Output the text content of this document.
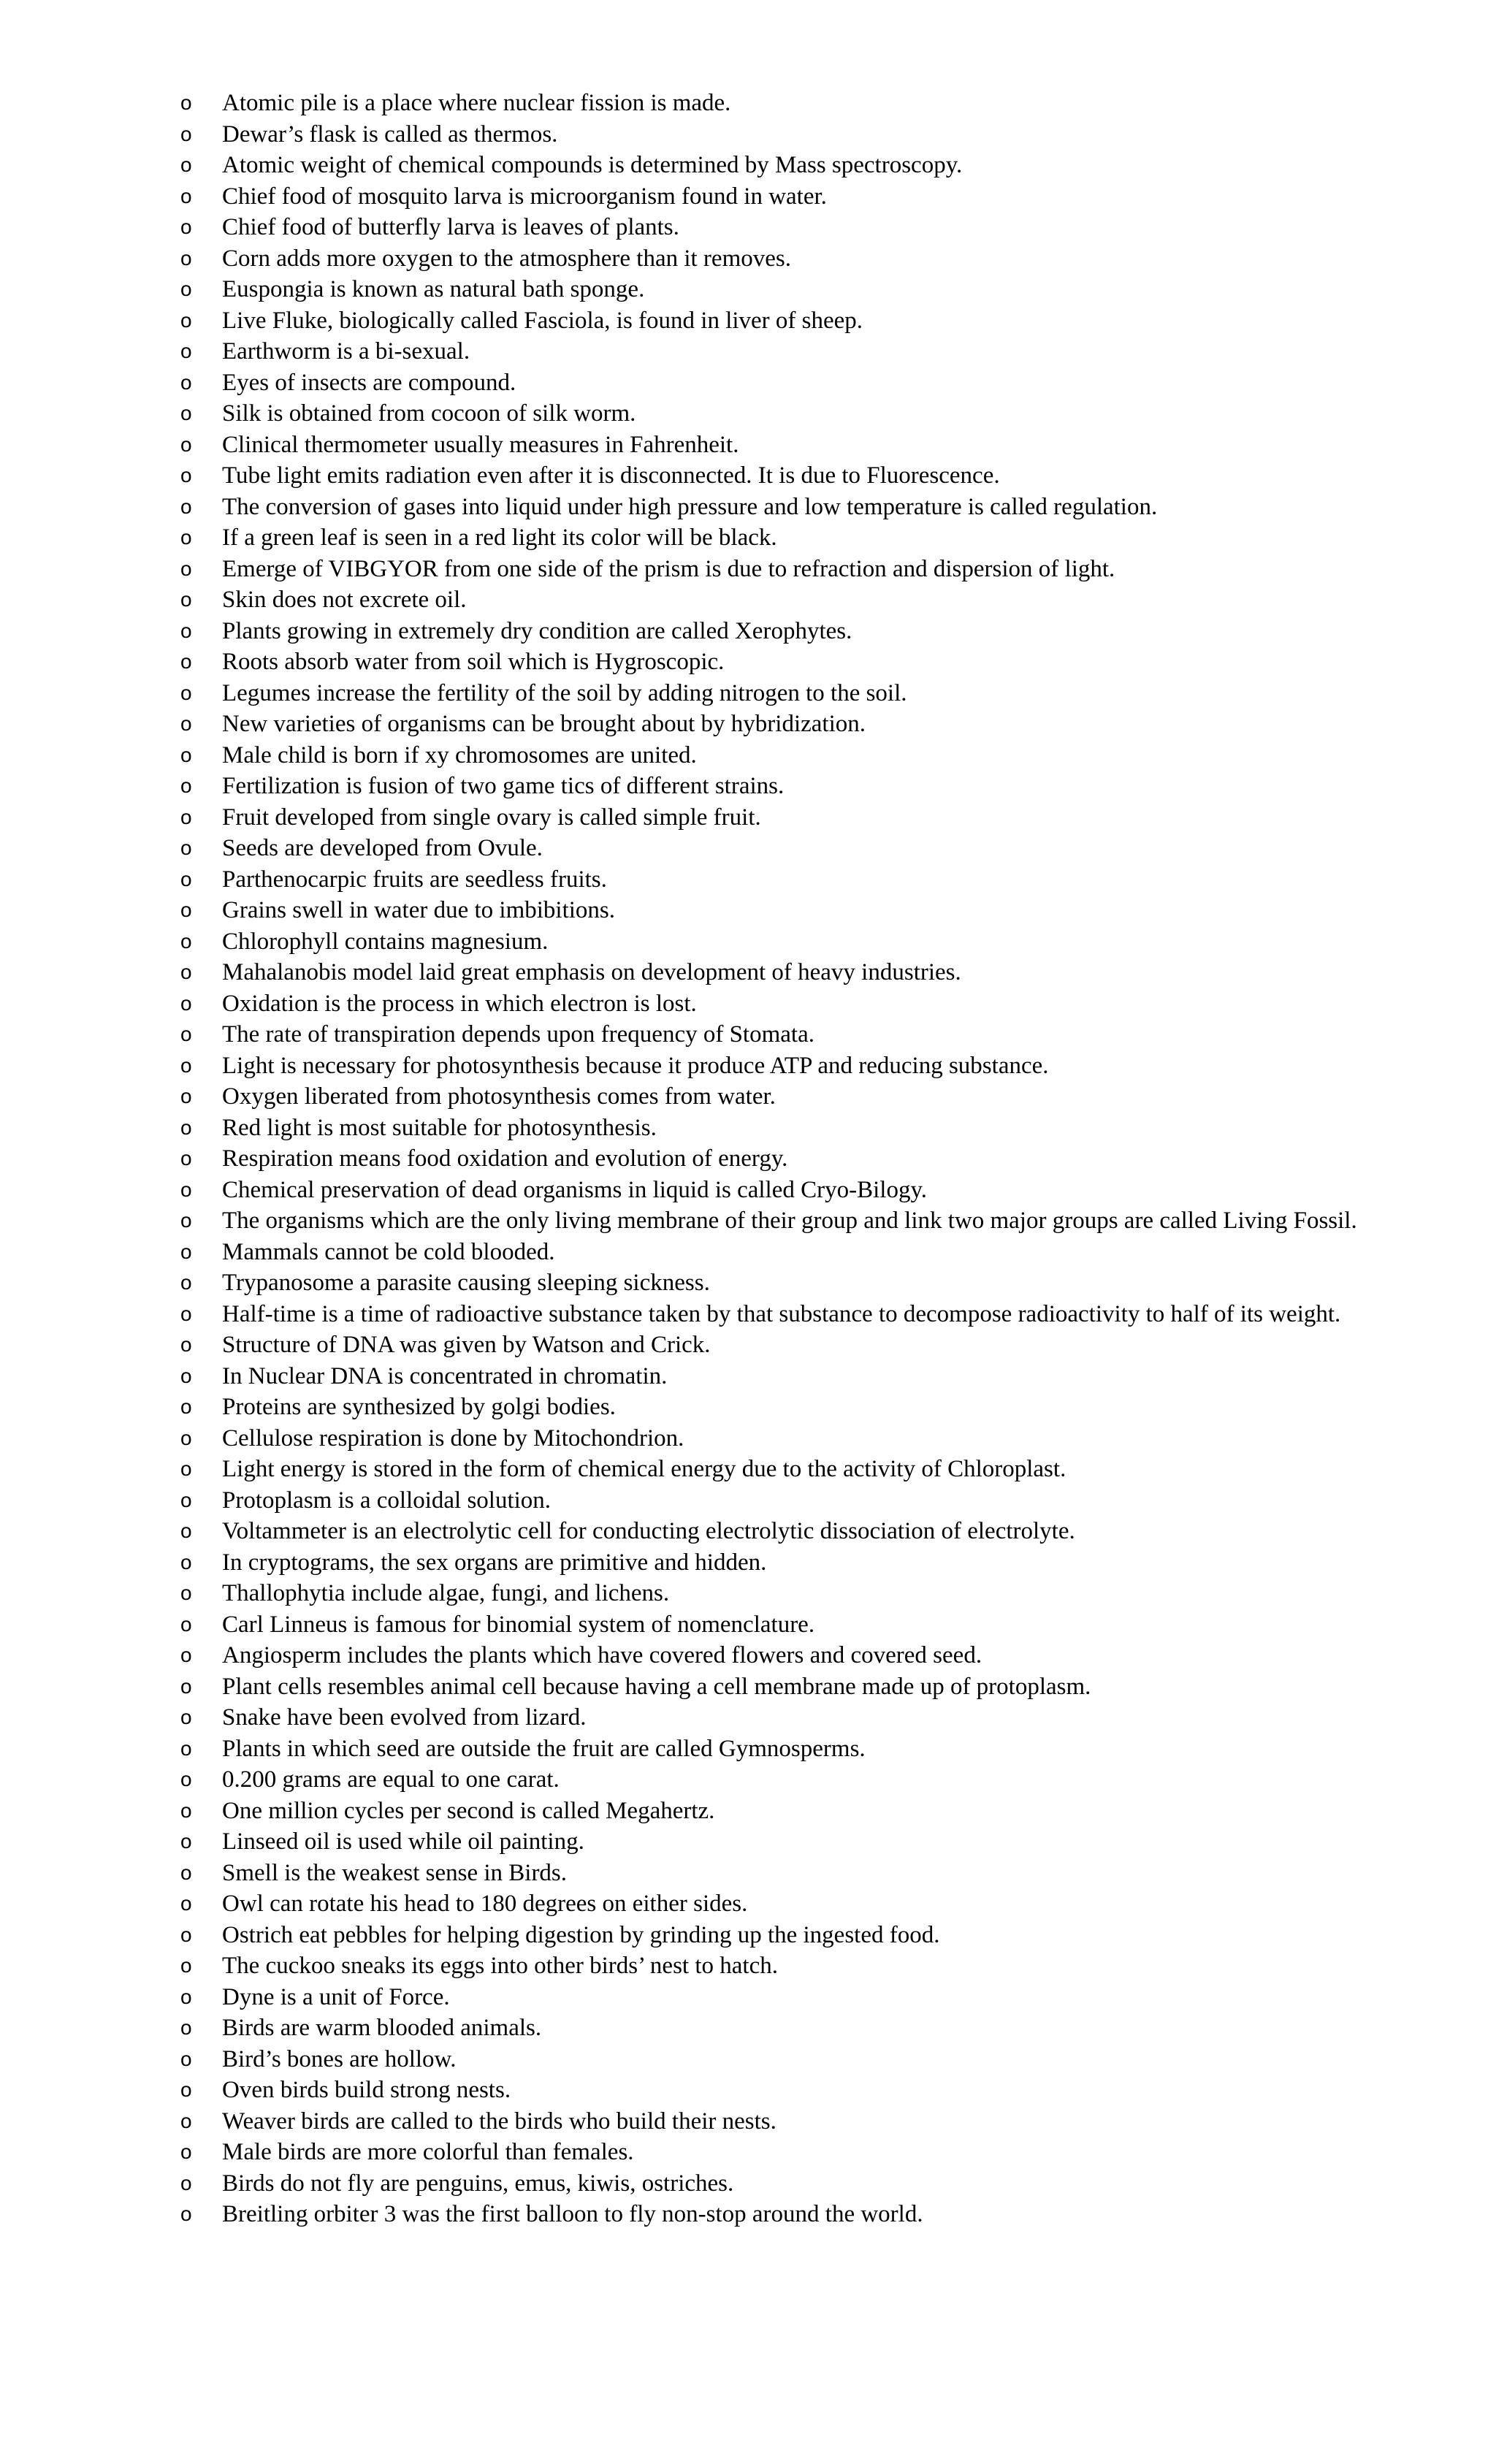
o Atomic pile is a place where nuclear fission is made.
o Dewar’s flask is called as thermos.
o Atomic weight of chemical compounds is determined by Mass spectroscopy.
o Chief food of mosquito larva is microorganism found in water.
o Chief food of butterfly larva is leaves of plants.
o Corn adds more oxygen to the atmosphere than it removes.
o Euspongia is known as natural bath sponge.
o Live Fluke, biologically called Fasciola, is found in liver of sheep.
o Earthworm is a bi-sexual.
o Eyes of insects are compound.
o Silk is obtained from cocoon of silk worm.
o Clinical thermometer usually measures in Fahrenheit.
o Tube light emits radiation even after it is disconnected. It is due to Fluorescence.
o The conversion of gases into liquid under high pressure and low temperature is called regulation.
o If a green leaf is seen in a red light its color will be black.
o Emerge of VIBGYOR from one side of the prism is due to refraction and dispersion of light.
o Skin does not excrete oil.
o Plants growing in extremely dry condition are called Xerophytes.
o Roots absorb water from soil which is Hygroscopic.
o Legumes increase the fertility of the soil by adding nitrogen to the soil.
o New varieties of organisms can be brought about by hybridization.
o Male child is born if xy chromosomes are united.
o Fertilization is fusion of two game tics of different strains.
o Fruit developed from single ovary is called simple fruit.
o Seeds are developed from Ovule.
o Parthenocarpic fruits are seedless fruits.
o Grains swell in water due to imbibitions.
o Chlorophyll contains magnesium.
o Mahalanobis model laid great emphasis on development of heavy industries.
o Oxidation is the process in which electron is lost.
o The rate of transpiration depends upon frequency of Stomata.
o Light is necessary for photosynthesis because it produce ATP and reducing substance.
o Oxygen liberated from photosynthesis comes from water.
o Red light is most suitable for photosynthesis.
o Respiration means food oxidation and evolution of energy.
o Chemical preservation of dead organisms in liquid is called Cryo-Bilogy.
o The organisms which are the only living membrane of their group and link two major groups are called Living Fossil.
o Mammals cannot be cold blooded.
o Trypanosome a parasite causing sleeping sickness.
o Half-time is a time of radioactive substance taken by that substance to decompose radioactivity to half of its weight.
o Structure of DNA was given by Watson and Crick.
o In Nuclear DNA is concentrated in chromatin.
o Proteins are synthesized by golgi bodies.
o Cellulose respiration is done by Mitochondrion.
o Light energy is stored in the form of chemical energy due to the activity of Chloroplast.
o Protoplasm is a colloidal solution.
o Voltammeter is an electrolytic cell for conducting electrolytic dissociation of electrolyte.
o In cryptograms, the sex organs are primitive and hidden.
o Thallophytia include algae, fungi, and lichens.
o Carl Linneus is famous for binomial system of nomenclature.
o Angiosperm includes the plants which have covered flowers and covered seed.
o Plant cells resembles animal cell because having a cell membrane made up of protoplasm.
o Snake have been evolved from lizard.
o Plants in which seed are outside the fruit are called Gymnosperms.
o 0.200 grams are equal to one carat.
o One million cycles per second is called Megahertz.
o Linseed oil is used while oil painting.
o Smell is the weakest sense in Birds.
o Owl can rotate his head to 180 degrees on either sides.
o Ostrich eat pebbles for helping digestion by grinding up the ingested food.
o The cuckoo sneaks its eggs into other birds’ nest to hatch.
o Dyne is a unit of Force.
o Birds are warm blooded animals.
o Bird’s bones are hollow.
o Oven birds build strong nests.
o Weaver birds are called to the birds who build their nests.
o Male birds are more colorful than females.
o Birds do not fly are penguins, emus, kiwis, ostriches.
o Breitling orbiter 3 was the first balloon to fly non-stop around the world.
